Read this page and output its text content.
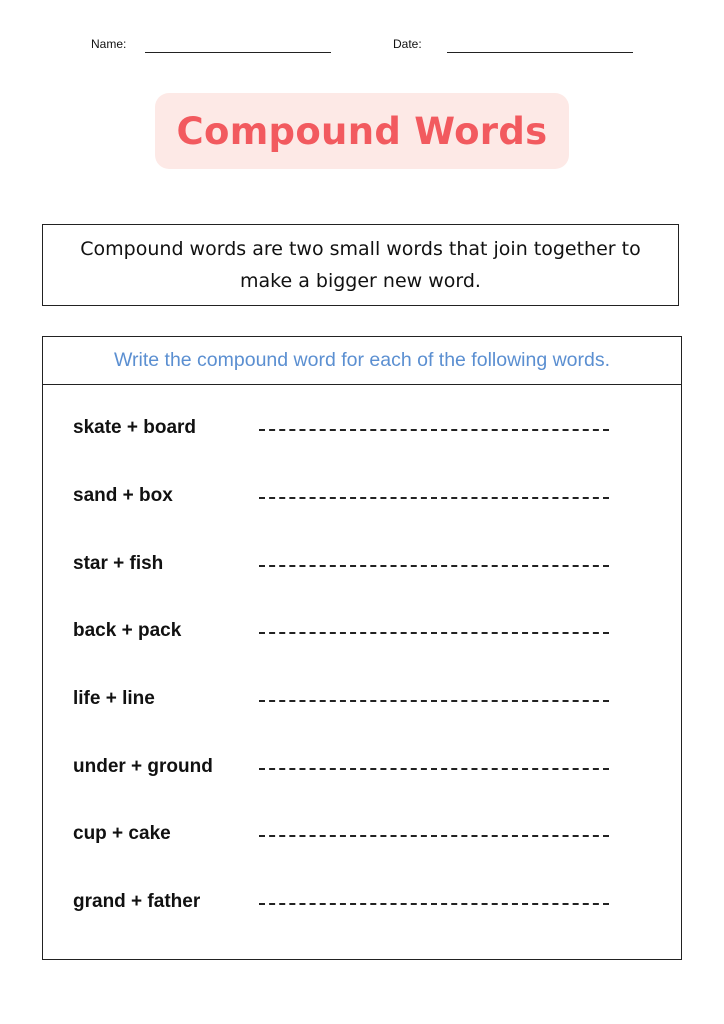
Name:	Date:
Compound Words
Compound words are two small words that join together to make a bigger new word.
Write the compound word for each of the following words.
skate + board
sand + box
star + fish
back + pack
life + line
under + ground
cup + cake
grand + father
